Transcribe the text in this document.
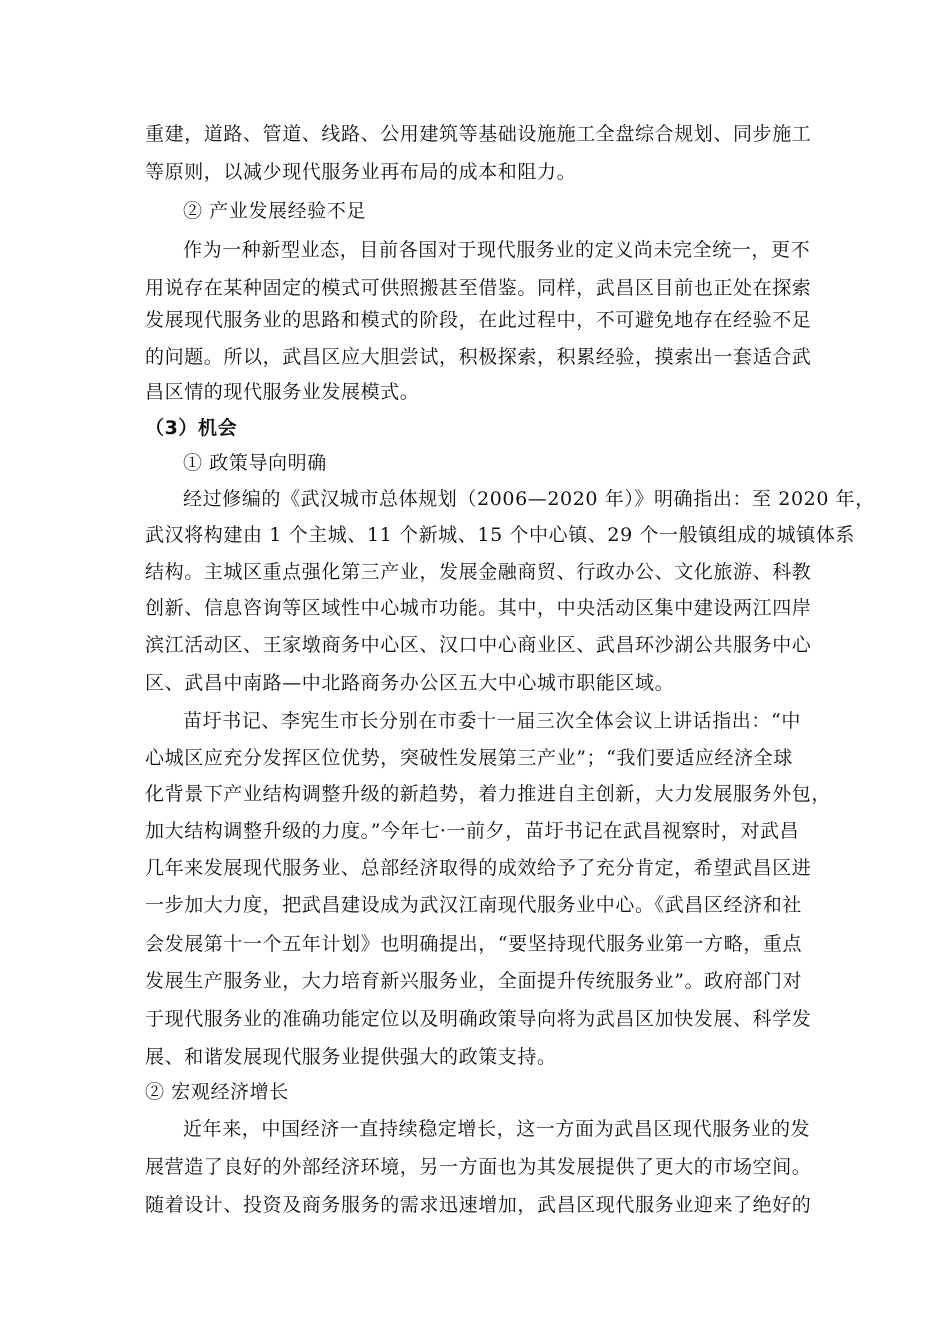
重建，道路、管道、线路、公用建筑等基础设施施工全盘综合规划、同步施工
等原则，以减少现代服务业再布局的成本和阻力。
② 产业发展经验不足
作为一种新型业态，目前各国对于现代服务业的定义尚未完全统一，更不
用说存在某种固定的模式可供照搬甚至借鉴。同样，武昌区目前也正处在探索
发展现代服务业的思路和模式的阶段，在此过程中，不可避免地存在经验不足
的问题。所以，武昌区应大胆尝试，积极探索，积累经验，摸索出一套适合武
昌区情的现代服务业发展模式。
（3）机会
① 政策导向明确
经过修编的《武汉城市总体规划（2006—2020 年）》明确指出：至 2020 年，
武汉将构建由 1 个主城、11 个新城、15 个中心镇、29 个一般镇组成的城镇体系
结构。主城区重点强化第三产业，发展金融商贸、行政办公、文化旅游、科教
创新、信息咨询等区域性中心城市功能。其中，中央活动区集中建设两江四岸
滨江活动区、王家墩商务中心区、汉口中心商业区、武昌环沙湖公共服务中心
区、武昌中南路—中北路商务办公区五大中心城市职能区域。
苗圩书记、李宪生市长分别在市委十一届三次全体会议上讲话指出：“中
心城区应充分发挥区位优势，突破性发展第三产业”；“我们要适应经济全球
化背景下产业结构调整升级的新趋势，着力推进自主创新，大力发展服务外包，
加大结构调整升级的力度。”今年七·一前夕，苗圩书记在武昌视察时，对武昌
几年来发展现代服务业、总部经济取得的成效给予了充分肯定，希望武昌区进
一步加大力度，把武昌建设成为武汉江南现代服务业中心。《武昌区经济和社
会发展第十一个五年计划》也明确提出，“要坚持现代服务业第一方略，重点
发展生产服务业，大力培育新兴服务业，全面提升传统服务业”。政府部门对
于现代服务业的准确功能定位以及明确政策导向将为武昌区加快发展、科学发
展、和谐发展现代服务业提供强大的政策支持。
② 宏观经济增长
近年来，中国经济一直持续稳定增长，这一方面为武昌区现代服务业的发
展营造了良好的外部经济环境，另一方面也为其发展提供了更大的市场空间。
随着设计、投资及商务服务的需求迅速增加，武昌区现代服务业迎来了绝好的
